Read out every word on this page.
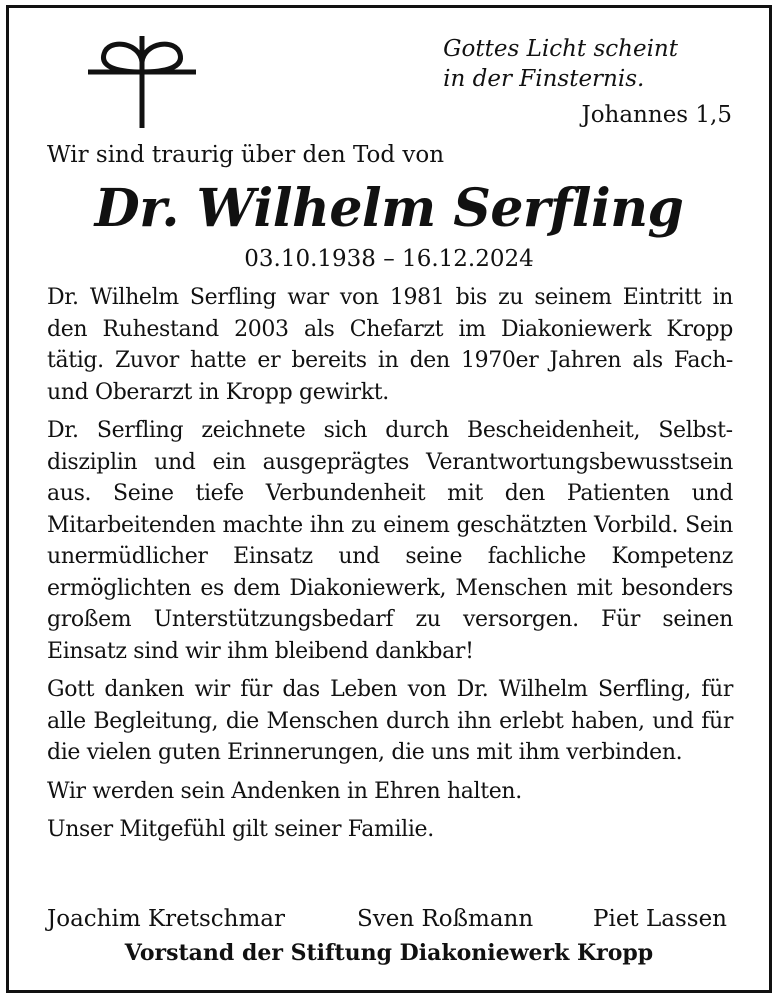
Gottes Licht scheint
in der Finsternis.
Johannes 1,5
Wir sind traurig über den Tod von
Dr. Wilhelm Serfling
03.10.1938 – 16.12.2024

Dr. Wilhelm Serfling war von 1981 bis zu seinem Eintritt in den Ruhestand 2003 als Chefarzt im Diakoniewerk Kropp tätig. Zuvor hatte er bereits in den 1970er Jahren als Fach- und Oberarzt in Kropp gewirkt.

Dr. Serfling zeichnete sich durch Bescheidenheit, Selbstdisziplin und ein ausgeprägtes Verantwortungsbewusstsein aus. Seine tiefe Verbundenheit mit den Patienten und Mitarbeitenden machte ihn zu einem geschätzten Vorbild. Sein unermüdlicher Einsatz und seine fachliche Kompetenz ermöglichten es dem Diakoniewerk, Menschen mit besonders großem Unterstützungsbedarf zu versorgen. Für seinen Einsatz sind wir ihm bleibend dankbar!

Gott danken wir für das Leben von Dr. Wilhelm Serfling, für alle Begleitung, die Menschen durch ihn erlebt haben, und für die vielen guten Erinnerungen, die uns mit ihm verbinden.

Wir werden sein Andenken in Ehren halten.

Unser Mitgefühl gilt seiner Familie.

Joachim Kretschmar	Sven Roßmann	Piet Lassen
Vorstand der Stiftung Diakoniewerk Kropp
